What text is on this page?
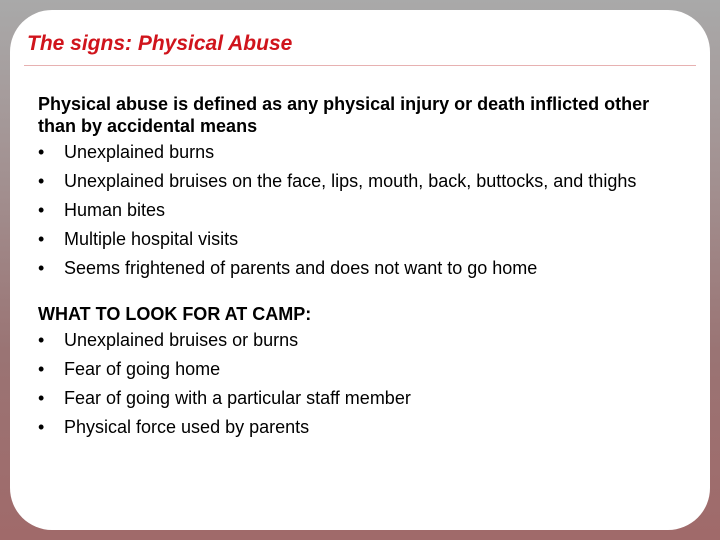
The signs: Physical Abuse

Physical abuse is defined as any physical injury or death inflicted other than by accidental means

•	Unexplained burns
•	Unexplained bruises on the face, lips, mouth, back, buttocks, and thighs
•	Human bites
•	Multiple hospital visits
•	Seems frightened of parents and does not want to go home

WHAT TO LOOK FOR AT CAMP:

•	Unexplained bruises or burns
•	Fear of going home
•	Fear of going with a particular staff member
•	Physical force used by parents
